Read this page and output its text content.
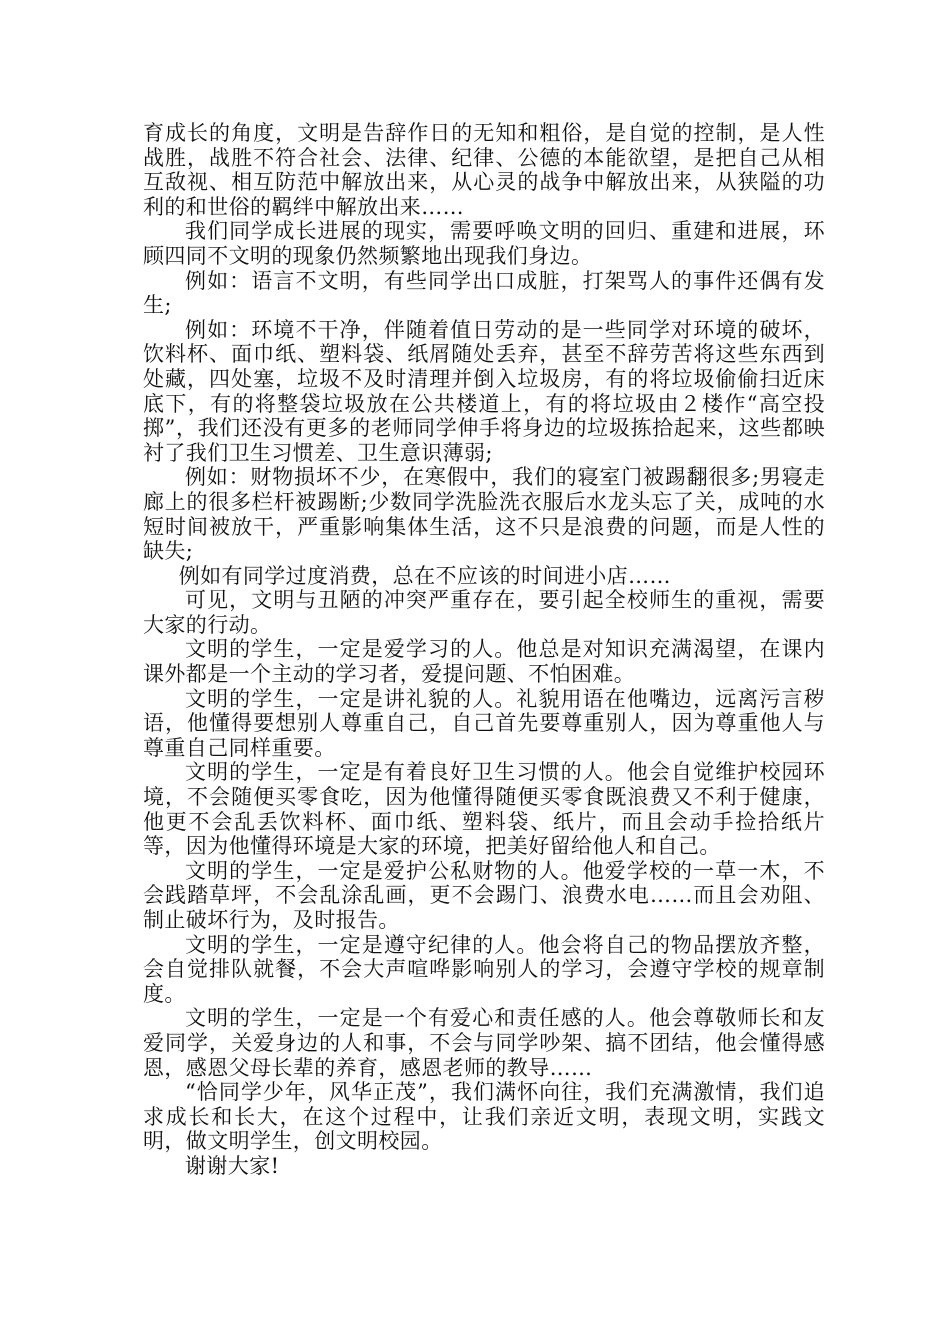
育成长的角度，文明是告辞作日的无知和粗俗，是自觉的控制，是人性战胜，战胜不符合社会、法律、纪律、公德的本能欲望，是把自己从相互敌视、相互防范中解放出来，从心灵的战争中解放出来，从狭隘的功利的和世俗的羁绊中解放出来……

我们同学成长进展的现实，需要呼唤文明的回归、重建和进展，环顾四同不文明的现象仍然频繁地出现我们身边。

例如：语言不文明，有些同学出口成脏，打架骂人的事件还偶有发生;

例如：环境不干净，伴随着值日劳动的是一些同学对环境的破坏，饮料杯、面巾纸、塑料袋、纸屑随处丢弃，甚至不辞劳苦将这些东西到处藏，四处塞，垃圾不及时清理并倒入垃圾房，有的将垃圾偷偷扫近床底下，有的将整袋垃圾放在公共楼道上，有的将垃圾由２楼作“高空投掷”，我们还没有更多的老师同学伸手将身边的垃圾拣拾起来，这些都映衬了我们卫生习惯差、卫生意识薄弱;

例如：财物损坏不少，在寒假中，我们的寝室门被踢翻很多;男寝走廊上的很多栏杆被踢断;少数同学洗脸洗衣服后水龙头忘了关，成吨的水短时间被放干，严重影响集体生活，这不只是浪费的问题，而是人性的缺失;

例如有同学过度消费，总在不应该的时间进小店……

可见，文明与丑陋的冲突严重存在，要引起全校师生的重视，需要大家的行动。

文明的学生，一定是爱学习的人。他总是对知识充满渴望，在课内课外都是一个主动的学习者，爱提问题、不怕困难。

文明的学生，一定是讲礼貌的人。礼貌用语在他嘴边，远离污言秽语，他懂得要想别人尊重自己，自己首先要尊重别人，因为尊重他人与尊重自己同样重要。

文明的学生，一定是有着良好卫生习惯的人。他会自觉维护校园环境，不会随便买零食吃，因为他懂得随便买零食既浪费又不利于健康，他更不会乱丢饮料杯、面巾纸、塑料袋、纸片，而且会动手捡拾纸片等，因为他懂得环境是大家的环境，把美好留给他人和自己。

文明的学生，一定是爱护公私财物的人。他爱学校的一草一木，不会践踏草坪，不会乱涂乱画，更不会踢门、浪费水电……而且会劝阻、制止破坏行为，及时报告。

文明的学生，一定是遵守纪律的人。他会将自己的物品摆放齐整，会自觉排队就餐，不会大声喧哗影响别人的学习，会遵守学校的规章制度。

文明的学生，一定是一个有爱心和责任感的人。他会尊敬师长和友爱同学，关爱身边的人和事，不会与同学吵架、搞不团结，他会懂得感恩，感恩父母长辈的养育，感恩老师的教导……

“恰同学少年，风华正茂”，我们满怀向往，我们充满激情，我们追求成长和长大，在这个过程中，让我们亲近文明，表现文明，实践文明，做文明学生，创文明校园。

谢谢大家!
